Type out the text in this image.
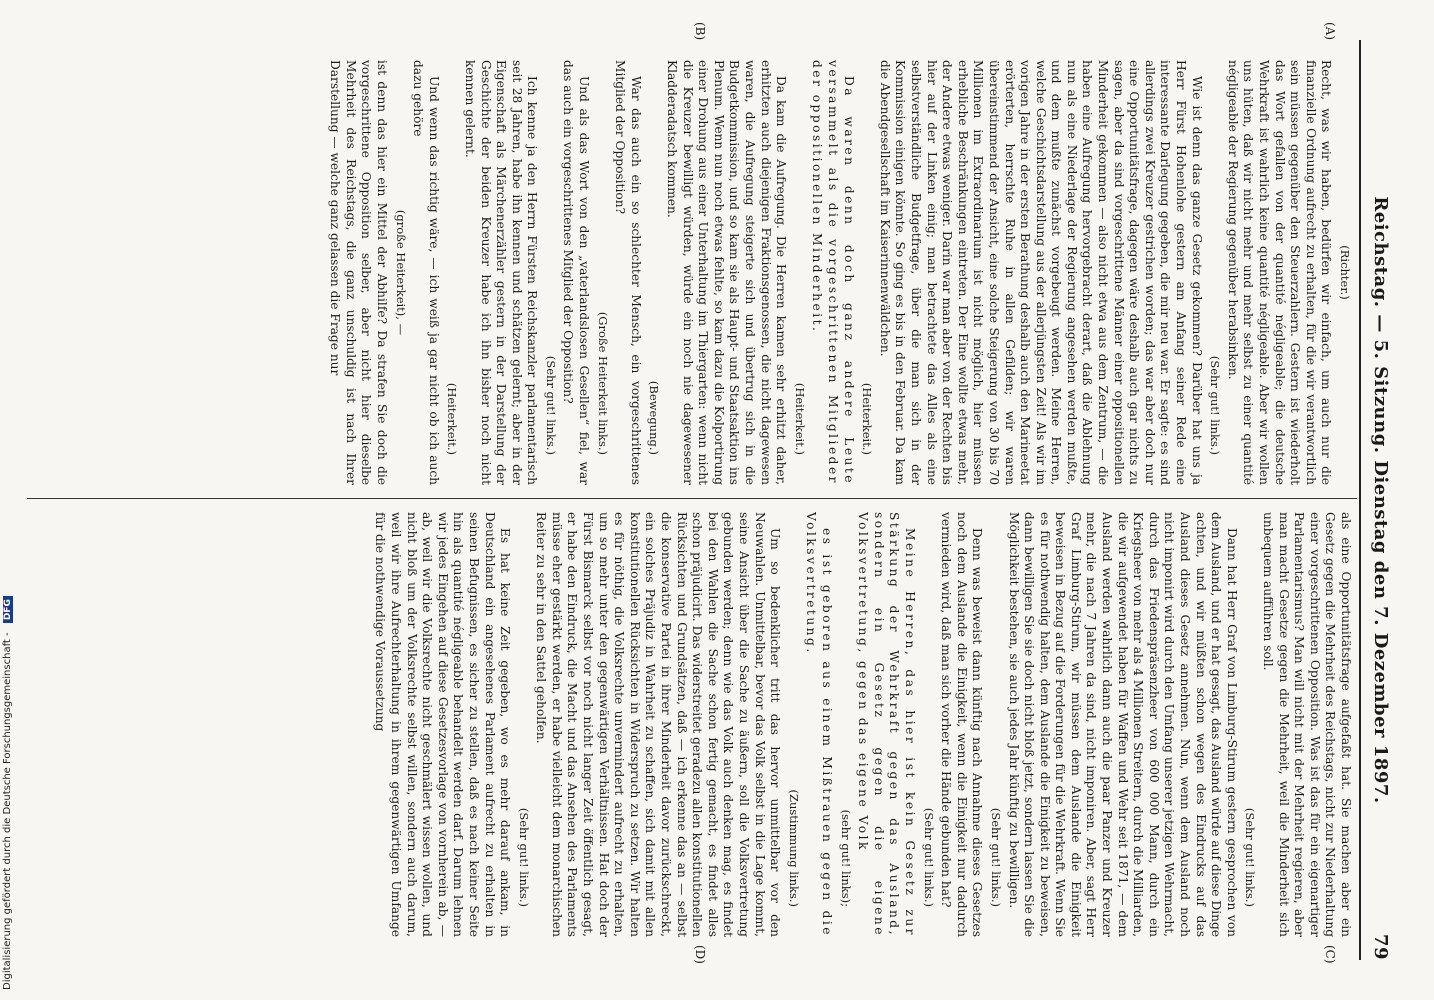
Reichstag. — 5. Sitzung. Dienstag den 7. Dezember 1897.
79
(A)
(B)
(C)
(D)
(Richter.)

Recht, was wir haben, bedürfen wir einfach, um auch nur die finanzielle Ordnung aufrecht zu erhalten, für die wir verantwortlich sein müssen gegenüber den Steuerzahlern. Gestern ist wiederholt das Wort gefallen von der quantité négligeable; die deutsche Wehrkraft ist wahrlich keine quantité négligeable. Aber wir wollen uns hüten, daß wir nicht mehr und mehr selbst zu einer quantité négligeable der Regierung gegenüber herabsinken.

(Sehr gut! links.)

Wie ist denn das ganze Gesetz gekommen? Darüber hat uns ja Herr Fürst Hohenlohe gestern am Anfang seiner Rede eine interessante Darlegung gegeben, die mir neu war. Er sagte: es sind allerdings zwei Kreuzer gestrichen worden; das war aber doch nur eine Opportunitätsfrage, dagegen wäre deshalb auch gar nichts zu sagen, aber da sind vorgeschrittene Männer einer oppositionellen Minderheit gekommen — also nicht etwa aus dem Zentrum, — die haben eine Aufregung hervorgebracht derart, daß die Ablehnung nun als eine Niederlage der Regierung angesehen werden mußte, und dem mußte zunächst vorgebeugt werden. Meine Herren, welche Geschichtsdarstellung aus der allerjüngsten Zeit! Als wir im vorigen Jahre in der ersten Berathung deshalb auch den Marineetat erörterten, herrschte Ruhe in allen Gefilden; wir waren übereinstimmend der Ansicht, eine solche Steigerung von 30 bis 70 Millionen im Extraordinarium ist nicht möglich, hier müssen erhebliche Beschränkungen eintreten. Der Eine wollte etwas mehr, der Andere etwas weniger. Darin war man aber von der Rechten bis hier auf der Linken einig; man betrachtete das Alles als eine selbstverständliche Budgetfrage, über die man sich in der Kommission einigen könnte. So ging es bis in den Februar. Da kam die Abendgesellschaft im Kaiserinnenwäldchen.

(Heiterkeit.)

Da waren denn doch ganz andere Leute versammelt als die vorgeschrittenen Mitglieder der oppositionellen Minderheit.

(Heiterkeit.)

Da kam die Aufregung. Die Herren kamen sehr erhitzt daher, erhitzten auch diejenigen Fraktionsgenossen, die nicht dagewesen waren, die Aufregung steigerte sich und übertrug sich in die Budgetkommission, und so kam sie als Haupt- und Staatsaktion ins Plenum. Wenn nun noch etwas fehlte, so kam dazu die Kolportirung einer Drohung aus einer Unterhaltung im Thiergarten: wenn nicht die Kreuzer bewilligt würden, würde ein noch nie dagewesener Kladderadatsch kommen.

(Bewegung.)

War das auch ein so schlechter Mensch, ein vorgeschrittenes Mitglied der Opposition?

(Große Heiterkeit links.)

Und als das Wort von den „vaterlandslosen Gesellen“ fiel, war das auch ein vorgeschrittenes Mitglied der Opposition?

(Sehr gut! links.)

Ich kenne ja den Herrn Fürsten Reichskanzler parlamentarisch seit 28 Jahren, habe ihn kennen und schätzen gelernt; aber in der Eigenschaft als Märchenerzähler gestern in der Darstellung der Geschichte der beiden Kreuzer habe ich ihn bisher noch nicht kennen gelernt.

(Heiterkeit.)

Und wenn das richtig wäre, — ich weiß ja gar nicht ob ich auch dazu gehöre

(große Heiterkeit), —

ist denn das hier ein Mittel der Abhilfe? Da strafen Sie doch die vorgeschrittene Opposition selber, aber nicht hier dieselbe Mehrheit des Reichstags, die ganz unschuldig ist nach Ihrer Darstellung — welche ganz gelassen die Frage nur

als eine Opportunitätsfrage aufgefaßt hat. Sie machen aber ein Gesetz gegen die Mehrheit des Reichstags, nicht zur Niederhaltung einer vorgeschrittenen Opposition. Was ist das für ein eigenartiger Parlamentarismus? Man will nicht mit der Mehrheit regieren, aber man macht Gesetze gegen die Mehrheit, weil die Minderheit sich unbequem aufführen soll.

(Sehr gut! links.)

Dann hat Herr Graf von Limburg-Stirum gestern gesprochen von dem Ausland, und er hat gesagt, das Ausland würde auf diese Dinge achten, und wir müßten schon wegen des Eindrucks auf das Ausland dieses Gesetz annehmen. Nun, wenn dem Ausland noch nicht imponirt wird durch den Umfang unserer jetzigen Wehrmacht, durch das Friedenspräsenzheer von 600 000 Mann, durch ein Kriegsheer von mehr als 4 Millionen Streitern, durch die Milliarden, die wir aufgewendet haben für Waffen und Wehr seit 1871, — dem Ausland werden wahrlich dann auch die paar Panzer und Kreuzer mehr, die nach 7 Jahren da sind, nicht imponiren. Aber, sagt Herr Graf Limburg-Stirum, wir müssen dem Auslande die Einigkeit beweisen in Bezug auf die Forderungen für die Wehrkraft. Wenn Sie es für nothwendig halten, dem Auslande die Einigkeit zu beweisen, dann bewilligen Sie sie doch nicht bloß jetzt, sondern lassen Sie die Möglichkeit bestehen, sie auch jedes Jahr künftig zu bewilligen.

(Sehr gut! links.)

Denn was beweist dann künftig nach Annahme dieses Gesetzes noch dem Auslande die Einigkeit, wenn die Einigkeit nur dadurch vermieden wird, daß man sich vorher die Hände gebunden hat?

(Sehr gut! links.)

Meine Herren, das hier ist kein Gesetz zur Stärkung der Wehrkraft gegen das Ausland, sondern ein Gesetz gegen die eigene Volksvertretung, gegen das eigene Volk

(sehr gut! links);

es ist geboren aus einem Mißtrauen gegen die Volksvertretung.

(Zustimmung links.)

Um so bedenklicher tritt das hervor unmittelbar vor den Neuwahlen. Unmittelbar, bevor das Volk selbst in die Lage kommt, seine Ansicht über die Sache zu äußern, soll die Volksvertretung gebunden werden; denn wie das Volk auch denken mag, es findet bei den Wahlen die Sache schon fertig gemacht, es findet alles schon präjudicirt. Das widerstreitet geradezu allen konstitutionellen Rücksichten und Grundsätzen, daß — ich erkenne das an — selbst die konservative Partei in ihrer Minderheit davor zurückschreckt, ein solches Präjudiz in Wahrheit zu schaffen, sich damit mit allen konstitutionellen Rücksichten in Widerspruch zu setzen. Wir halten es für nöthig, die Volksrechte unvermindert aufrecht zu erhalten, um so mehr unter den gegenwärtigen Verhältnissen. Hat doch der Fürst Bismarck selbst vor noch nicht langer Zeit öffentlich gesagt, er habe den Eindruck, die Macht und das Ansehen des Parlaments müsse eher gestärkt werden, er habe vielleicht dem monarchischen Reiter zu sehr in den Sattel geholfen.

(Sehr gut! links.)

Es hat keine Zeit gegeben, wo es mehr darauf ankam, in Deutschland ein angesehenes Parlament aufrecht zu erhalten in seinen Befugnissen, es sicher zu stellen, daß es nach keiner Seite hin als quantité négligeable behandelt werden darf. Darum lehnen wir jedes Eingehen auf diese Gesetzesvorlage von vornherein ab, — ab, weil wir die Volksrechte nicht geschmälert wissen wollen, und nicht bloß um der Volksrechte selbst willen, sondern auch darum, weil wir ihre Aufrechterhaltung in ihrem gegenwärtigen Umfange für die nothwendige Voraussetzung

Digitalisierung gefördert durch die Deutsche Forschungsgemeinschaft - DFG
